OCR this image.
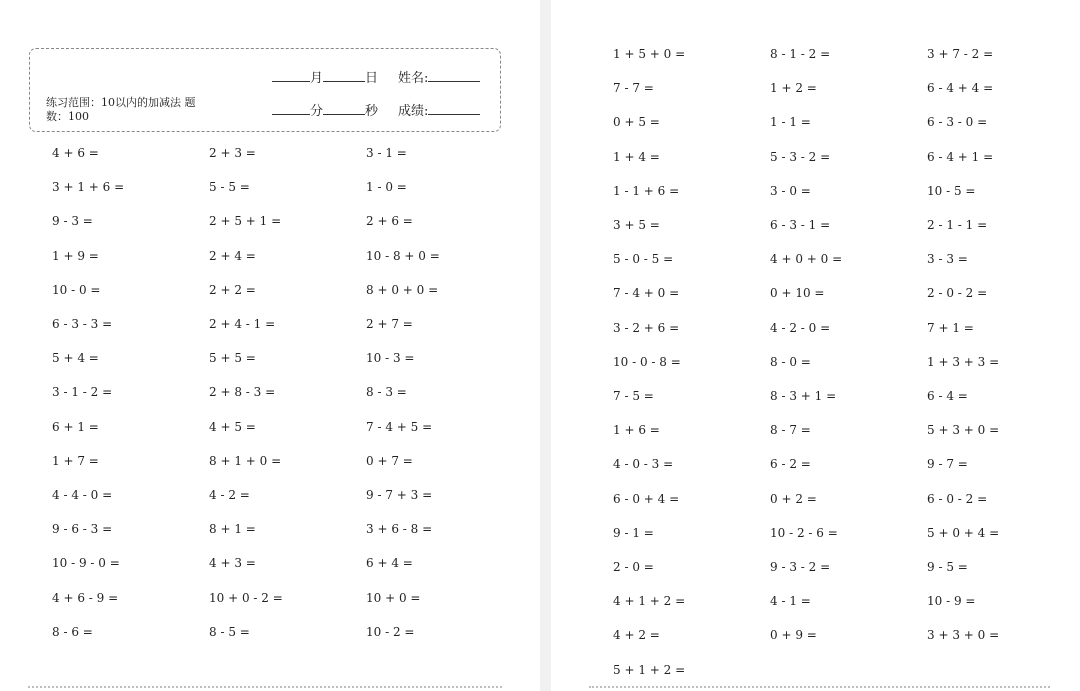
月	日 姓名:
分	秒 成绩:
练习范围：10以内的加减法 题数：100
4 + 6 =
3 + 1 + 6 =
9 - 3 =
1 + 9 =
10 - 0 =
6 - 3 - 3 =
5 + 4 =
3 - 1 - 2 =
6 + 1 =
1 + 7 =
4 - 4 - 0 =
9 - 6 - 3 =
10 - 9 - 0 =
4 + 6 - 9 =
8 - 6 =
2 + 3 =
5 - 5 =
2 + 5 + 1 =
2 + 4 =
2 + 2 =
2 + 4 - 1 =
5 + 5 =
2 + 8 - 3 =
4 + 5 =
8 + 1 + 0 =
4 - 2 =
8 + 1 =
4 + 3 =
10 + 0 - 2 =
8 - 5 =
3 - 1 =
1 - 0 =
2 + 6 =
10 - 8 + 0 =
8 + 0 + 0 =
2 + 7 =
10 - 3 =
8 - 3 =
7 - 4 + 5 =
0 + 7 =
9 - 7 + 3 =
3 + 6 - 8 =
6 + 4 =
10 + 0 =
10 - 2 =
1 + 5 + 0 =
7 - 7 =
0 + 5 =
1 + 4 =
1 - 1 + 6 =
3 + 5 =
5 - 0 - 5 =
7 - 4 + 0 =
3 - 2 + 6 =
10 - 0 - 8 =
7 - 5 =
1 + 6 =
4 - 0 - 3 =
6 - 0 + 4 =
9 - 1 =
2 - 0 =
4 + 1 + 2 =
4 + 2 =
5 + 1 + 2 =
8 - 1 - 2 =
1 + 2 =
1 - 1 =
5 - 3 - 2 =
3 - 0 =
6 - 3 - 1 =
4 + 0 + 0 =
0 + 10 =
4 - 2 - 0 =
8 - 0 =
8 - 3 + 1 =
8 - 7 =
6 - 2 =
0 + 2 =
10 - 2 - 6 =
9 - 3 - 2 =
4 - 1 =
0 + 9 =
3 + 7 - 2 =
6 - 4 + 4 =
6 - 3 - 0 =
6 - 4 + 1 =
10 - 5 =
2 - 1 - 1 =
3 - 3 =
2 - 0 - 2 =
7 + 1 =
1 + 3 + 3 =
6 - 4 =
5 + 3 + 0 =
9 - 7 =
6 - 0 - 2 =
5 + 0 + 4 =
9 - 5 =
10 - 9 =
3 + 3 + 0 =
